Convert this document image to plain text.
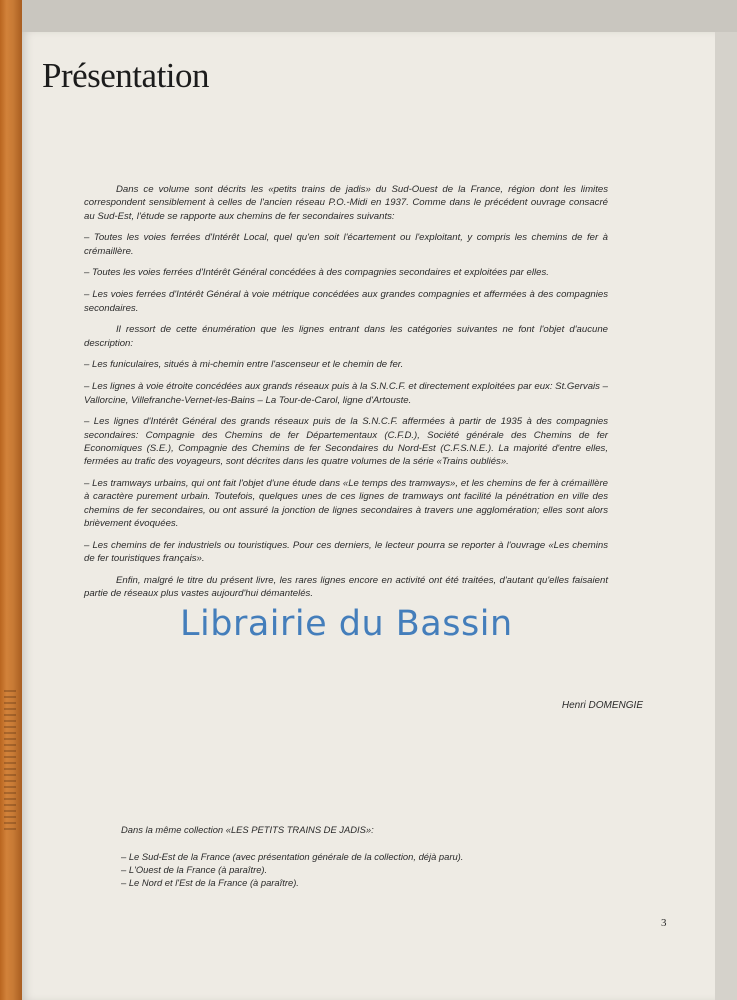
Présentation

Dans ce volume sont décrits les «petits trains de jadis» du Sud-Ouest de la France, région dont les limites correspondent sensiblement à celles de l'ancien réseau P.O.-Midi en 1937. Comme dans le précédent ouvrage consacré au Sud-Est, l'étude se rapporte aux chemins de fer secondaires suivants:

– Toutes les voies ferrées d'Intérêt Local, quel qu'en soit l'écartement ou l'exploitant, y compris les chemins de fer à crémaillère.

– Toutes les voies ferrées d'Intérêt Général concédées à des compagnies secondaires et exploitées par elles.

– Les voies ferrées d'Intérêt Général à voie métrique concédées aux grandes compagnies et affermées à des compagnies secondaires.

Il ressort de cette énumération que les lignes entrant dans les catégories suivantes ne font l'objet d'aucune description:

– Les funiculaires, situés à mi-chemin entre l'ascenseur et le chemin de fer.

– Les lignes à voie étroite concédées aux grands réseaux puis à la S.N.C.F. et directement exploitées par eux: St.Gervais – Vallorcine, Villefranche-Vernet-les-Bains – La Tour-de-Carol, ligne d'Artouste.

– Les lignes d'Intérêt Général des grands réseaux puis de la S.N.C.F. affermées à partir de 1935 à des compagnies secondaires: Compagnie des Chemins de fer Départementaux (C.F.D.), Société générale des Chemins de fer Economiques (S.E.), Compagnie des Chemins de fer Secondaires du Nord-Est (C.F.S.N.E.). La majorité d'entre elles, fermées au trafic des voyageurs, sont décrites dans les quatre volumes de la série «Trains oubliés».

– Les tramways urbains, qui ont fait l'objet d'une étude dans «Le temps des tramways», et les chemins de fer à crémaillère à caractère purement urbain. Toutefois, quelques unes de ces lignes de tramways ont facilité la pénétration en ville des chemins de fer secondaires, ou ont assuré la jonction de lignes secondaires à travers une agglomération; elles sont alors brièvement évoquées.

– Les chemins de fer industriels ou touristiques. Pour ces derniers, le lecteur pourra se reporter à l'ouvrage «Les chemins de fer touristiques français».

Enfin, malgré le titre du présent livre, les rares lignes encore en activité ont été traitées, d'autant qu'elles faisaient partie de réseaux plus vastes aujourd'hui démantelés.

Henri DOMENGIE
Librairie du Bassin

Dans la même collection «LES PETITS TRAINS DE JADIS»:

– Le Sud-Est de la France (avec présentation générale de la collection, déjà paru).
– L'Ouest de la France (à paraître).
– Le Nord et l'Est de la France (à paraître).
3
